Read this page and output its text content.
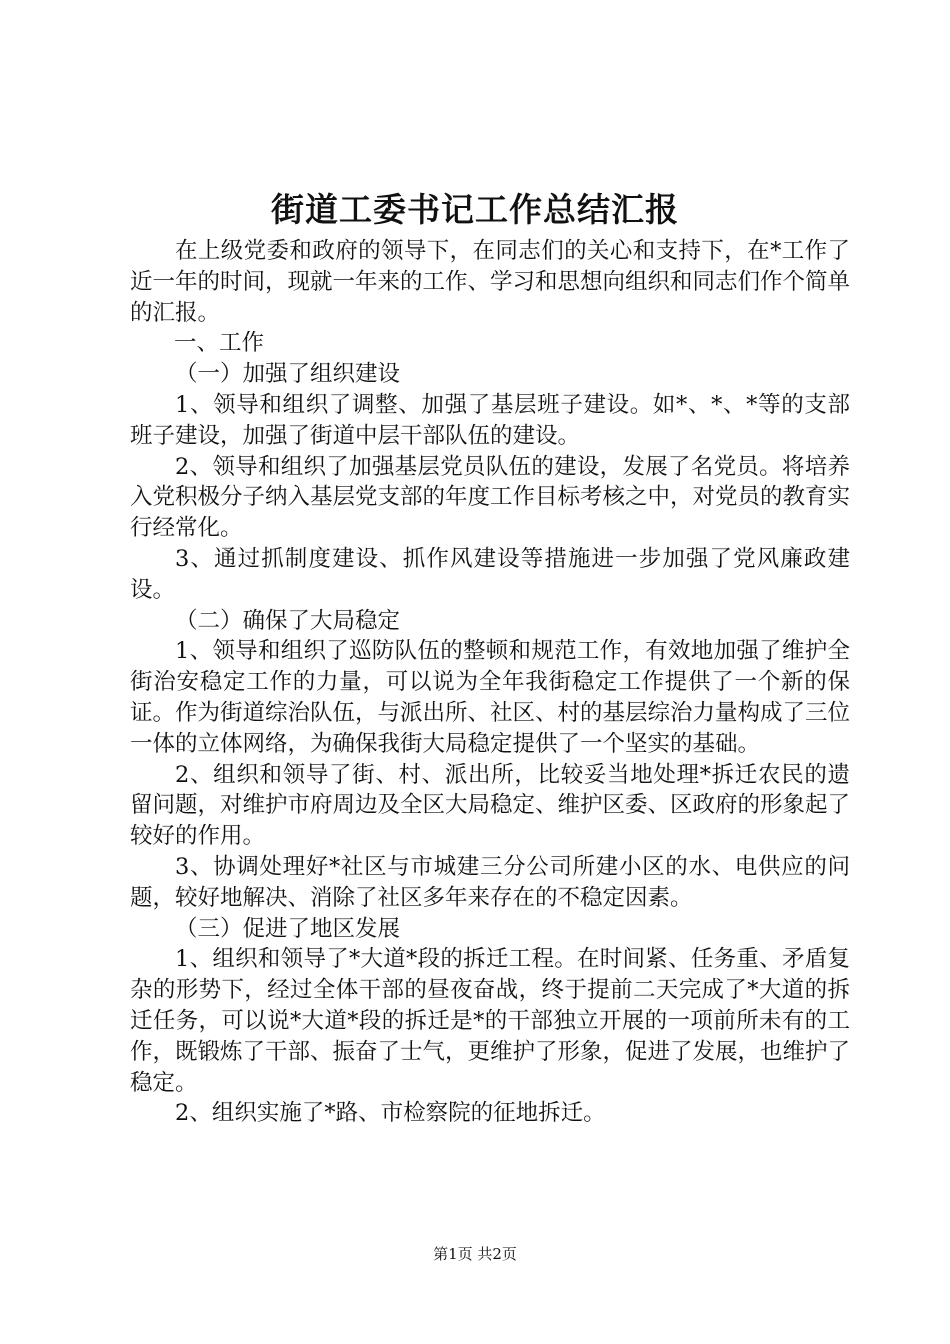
街道工委书记工作总结汇报

在上级党委和政府的领导下，在同志们的关心和支持下，在*工作了近一年的时间，现就一年来的工作、学习和思想向组织和同志们作个简单的汇报。

一、工作

（一）加强了组织建设

1、领导和组织了调整、加强了基层班子建设。如*、*、*等的支部班子建设，加强了街道中层干部队伍的建设。

2、领导和组织了加强基层党员队伍的建设，发展了名党员。将培养入党积极分子纳入基层党支部的年度工作目标考核之中，对党员的教育实行经常化。

3、通过抓制度建设、抓作风建设等措施进一步加强了党风廉政建设。

（二）确保了大局稳定

1、领导和组织了巡防队伍的整顿和规范工作，有效地加强了维护全街治安稳定工作的力量，可以说为全年我街稳定工作提供了一个新的保证。作为街道综治队伍，与派出所、社区、村的基层综治力量构成了三位一体的立体网络，为确保我街大局稳定提供了一个坚实的基础。

2、组织和领导了街、村、派出所，比较妥当地处理*拆迁农民的遗留问题，对维护市府周边及全区大局稳定、维护区委、区政府的形象起了较好的作用。

3、协调处理好*社区与市城建三分公司所建小区的水、电供应的问题，较好地解决、消除了社区多年来存在的不稳定因素。

（三）促进了地区发展

1、组织和领导了*大道*段的拆迁工程。在时间紧、任务重、矛盾复杂的形势下，经过全体干部的昼夜奋战，终于提前二天完成了*大道的拆迁任务，可以说*大道*段的拆迁是*的干部独立开展的一项前所未有的工作，既锻炼了干部、振奋了士气，更维护了形象，促进了发展，也维护了稳定。

2、组织实施了*路、市检察院的征地拆迁。

第1页 共2页
